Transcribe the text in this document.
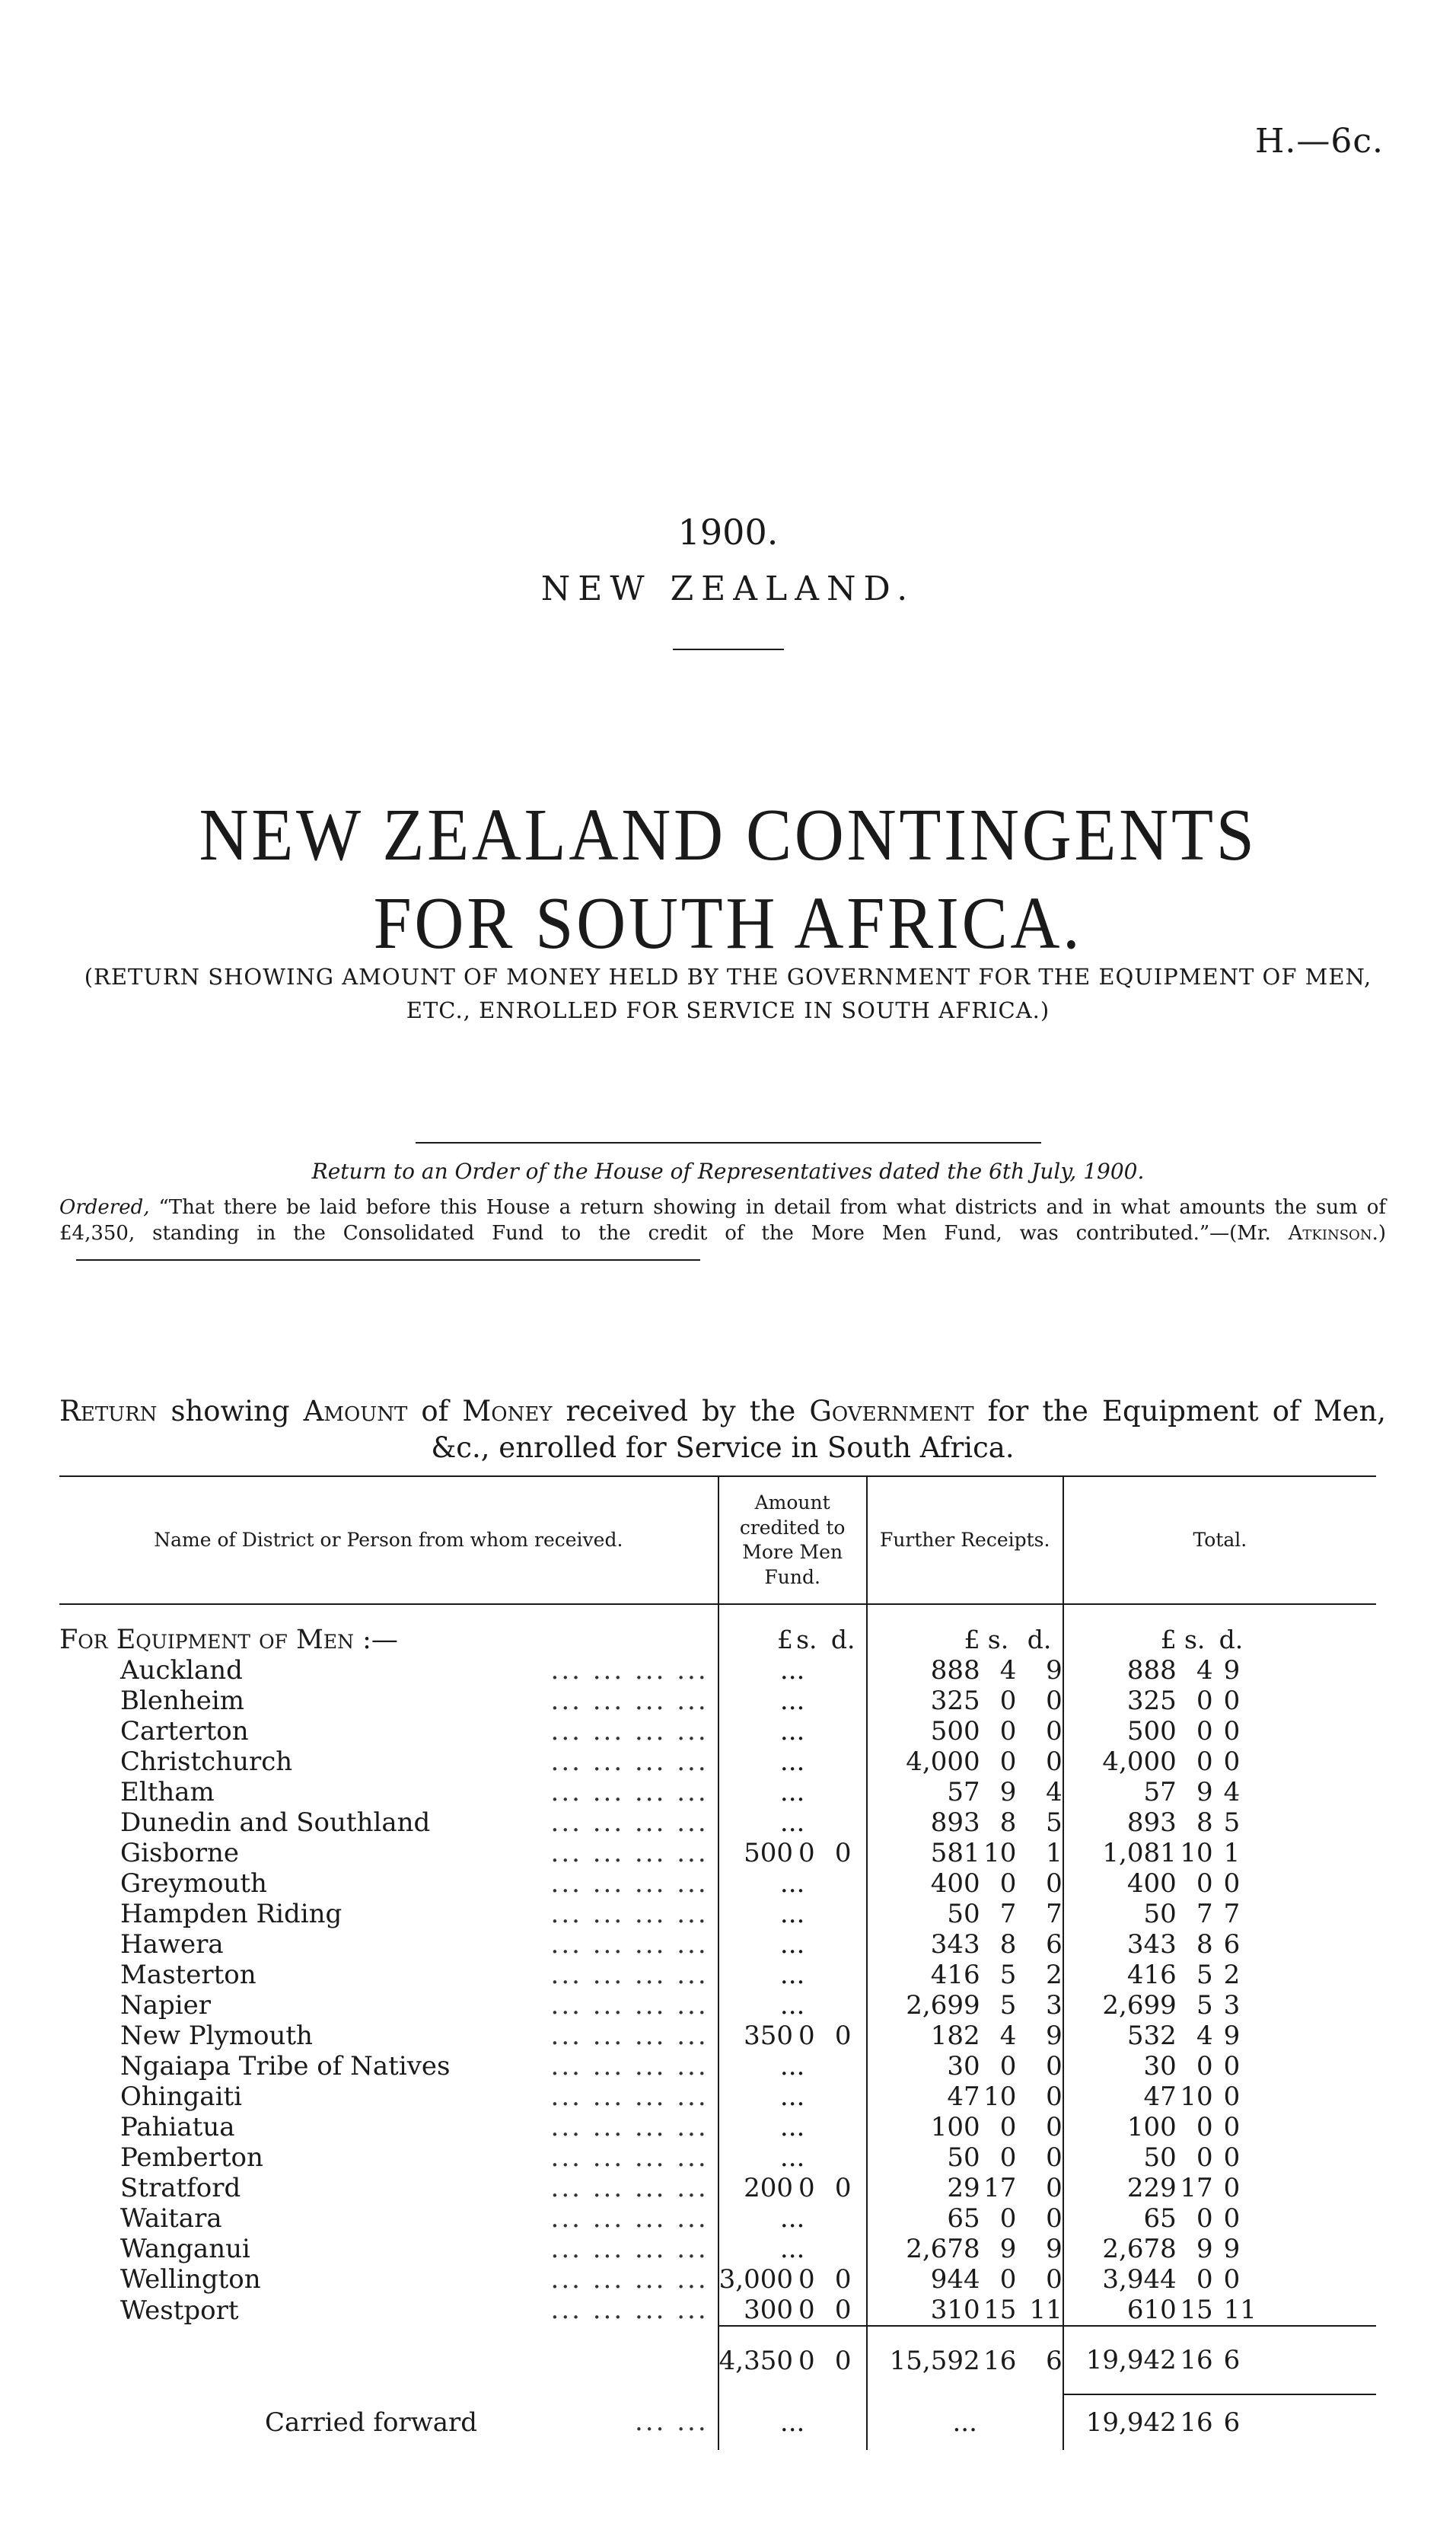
H.—6c.
1900.
NEW ZEALAND.
NEW ZEALAND CONTINGENTS FOR SOUTH AFRICA.
(RETURN SHOWING AMOUNT OF MONEY HELD BY THE GOVERNMENT FOR THE EQUIPMENT OF MEN, ETC., ENROLLED FOR SERVICE IN SOUTH AFRICA.)
Return to an Order of the House of Representatives dated the 6th July, 1900.
Ordered, “That there be laid before this House a return showing in detail from what districts and in what amounts the sum of £4,350, standing in the Consolidated Fund to the credit of the More Men Fund, was contributed.”—(Mr. Atkinson.)
Return showing Amount of Money received by the Government for the Equipment of Men, &c., enrolled for Service in South Africa.
Name of District or Person from whom received.	Amount credited to More Men Fund.			Further Receipts.			Total.		

For Equipment of Men :—	£	s.	d.	£	s.	d.	£	s.	d.
Auckland ... ... ... ...	...			888	4	9	888	4	9
Blenheim ... ... ... ...	...			325	0	0	325	0	0
Carterton ... ... ... ...	...			500	0	0	500	0	0
Christchurch ... ... ... ...	...			4,000	0	0	4,000	0	0
Eltham ... ... ... ...	...			57	9	4	57	9	4
Dunedin and Southland ... ... ... ...	...			893	8	5	893	8	5
Gisborne ... ... ... ...	500	0	0	581	10	1	1,081	10	1
Greymouth ... ... ... ...	...			400	0	0	400	0	0
Hampden Riding ... ... ... ...	...			50	7	7	50	7	7
Hawera ... ... ... ...	...			343	8	6	343	8	6
Masterton ... ... ... ...	...			416	5	2	416	5	2
Napier ... ... ... ...	...			2,699	5	3	2,699	5	3
New Plymouth ... ... ... ...	350	0	0	182	4	9	532	4	9
Ngaiapa Tribe of Natives ... ... ... ...	...			30	0	0	30	0	0
Ohingaiti ... ... ... ...	...			47	10	0	47	10	0
Pahiatua ... ... ... ...	...			100	0	0	100	0	0
Pemberton ... ... ... ...	...			50	0	0	50	0	0
Stratford ... ... ... ...	200	0	0	29	17	0	229	17	0
Waitara ... ... ... ...	...			65	0	0	65	0	0
Wanganui ... ... ... ...	...			2,678	9	9	2,678	9	9
Wellington ... ... ... ...	3,000	0	0	944	0	0	3,944	0	0
Westport ... ... ... ...	300	0	0	310	15	11	610	15	11
	4,350	0	0	15,592	16	6	19,942	16	6
Carried forward ... ...	...			...			19,942	16	6
